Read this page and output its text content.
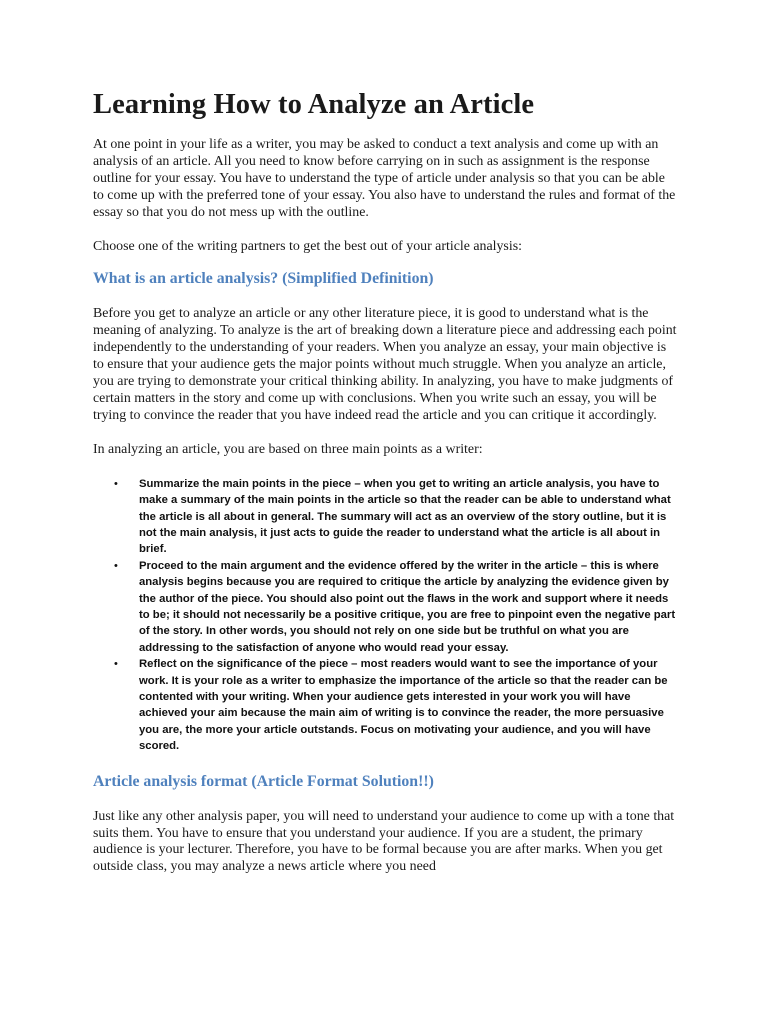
Learning How to Analyze an Article

At one point in your life as a writer, you may be asked to conduct a text analysis and come up with an analysis of an article. All you need to know before carrying on in such as assignment is the response outline for your essay. You have to understand the type of article under analysis so that you can be able to come up with the preferred tone of your essay. You also have to understand the rules and format of the essay so that you do not mess up with the outline.

Choose one of the writing partners to get the best out of your article analysis:

What is an article analysis? (Simplified Definition)

Before you get to analyze an article or any other literature piece, it is good to understand what is the meaning of analyzing. To analyze is the art of breaking down a literature piece and addressing each point independently to the understanding of your readers. When you analyze an essay, your main objective is to ensure that your audience gets the major points without much struggle. When you analyze an article, you are trying to demonstrate your critical thinking ability. In analyzing, you have to make judgments of certain matters in the story and come up with conclusions. When you write such an essay, you will be trying to convince the reader that you have indeed read the article and you can critique it accordingly.

In analyzing an article, you are based on three main points as a writer:

• Summarize the main points in the piece – when you get to writing an article analysis, you have to make a summary of the main points in the article so that the reader can be able to understand what the article is all about in general. The summary will act as an overview of the story outline, but it is not the main analysis, it just acts to guide the reader to understand what the article is all about in brief.
• Proceed to the main argument and the evidence offered by the writer in the article – this is where analysis begins because you are required to critique the article by analyzing the evidence given by the author of the piece. You should also point out the flaws in the work and support where it needs to be; it should not necessarily be a positive critique, you are free to pinpoint even the negative part of the story. In other words, you should not rely on one side but be truthful on what you are addressing to the satisfaction of anyone who would read your essay.
• Reflect on the significance of the piece – most readers would want to see the importance of your work. It is your role as a writer to emphasize the importance of the article so that the reader can be contented with your writing. When your audience gets interested in your work you will have achieved your aim because the main aim of writing is to convince the reader, the more persuasive you are, the more your article outstands. Focus on motivating your audience, and you will have scored.
Article analysis format (Article Format Solution!!)

Just like any other analysis paper, you will need to understand your audience to come up with a tone that suits them. You have to ensure that you understand your audience. If you are a student, the primary audience is your lecturer. Therefore, you have to be formal because you are after marks. When you get outside class, you may analyze a news article where you need
